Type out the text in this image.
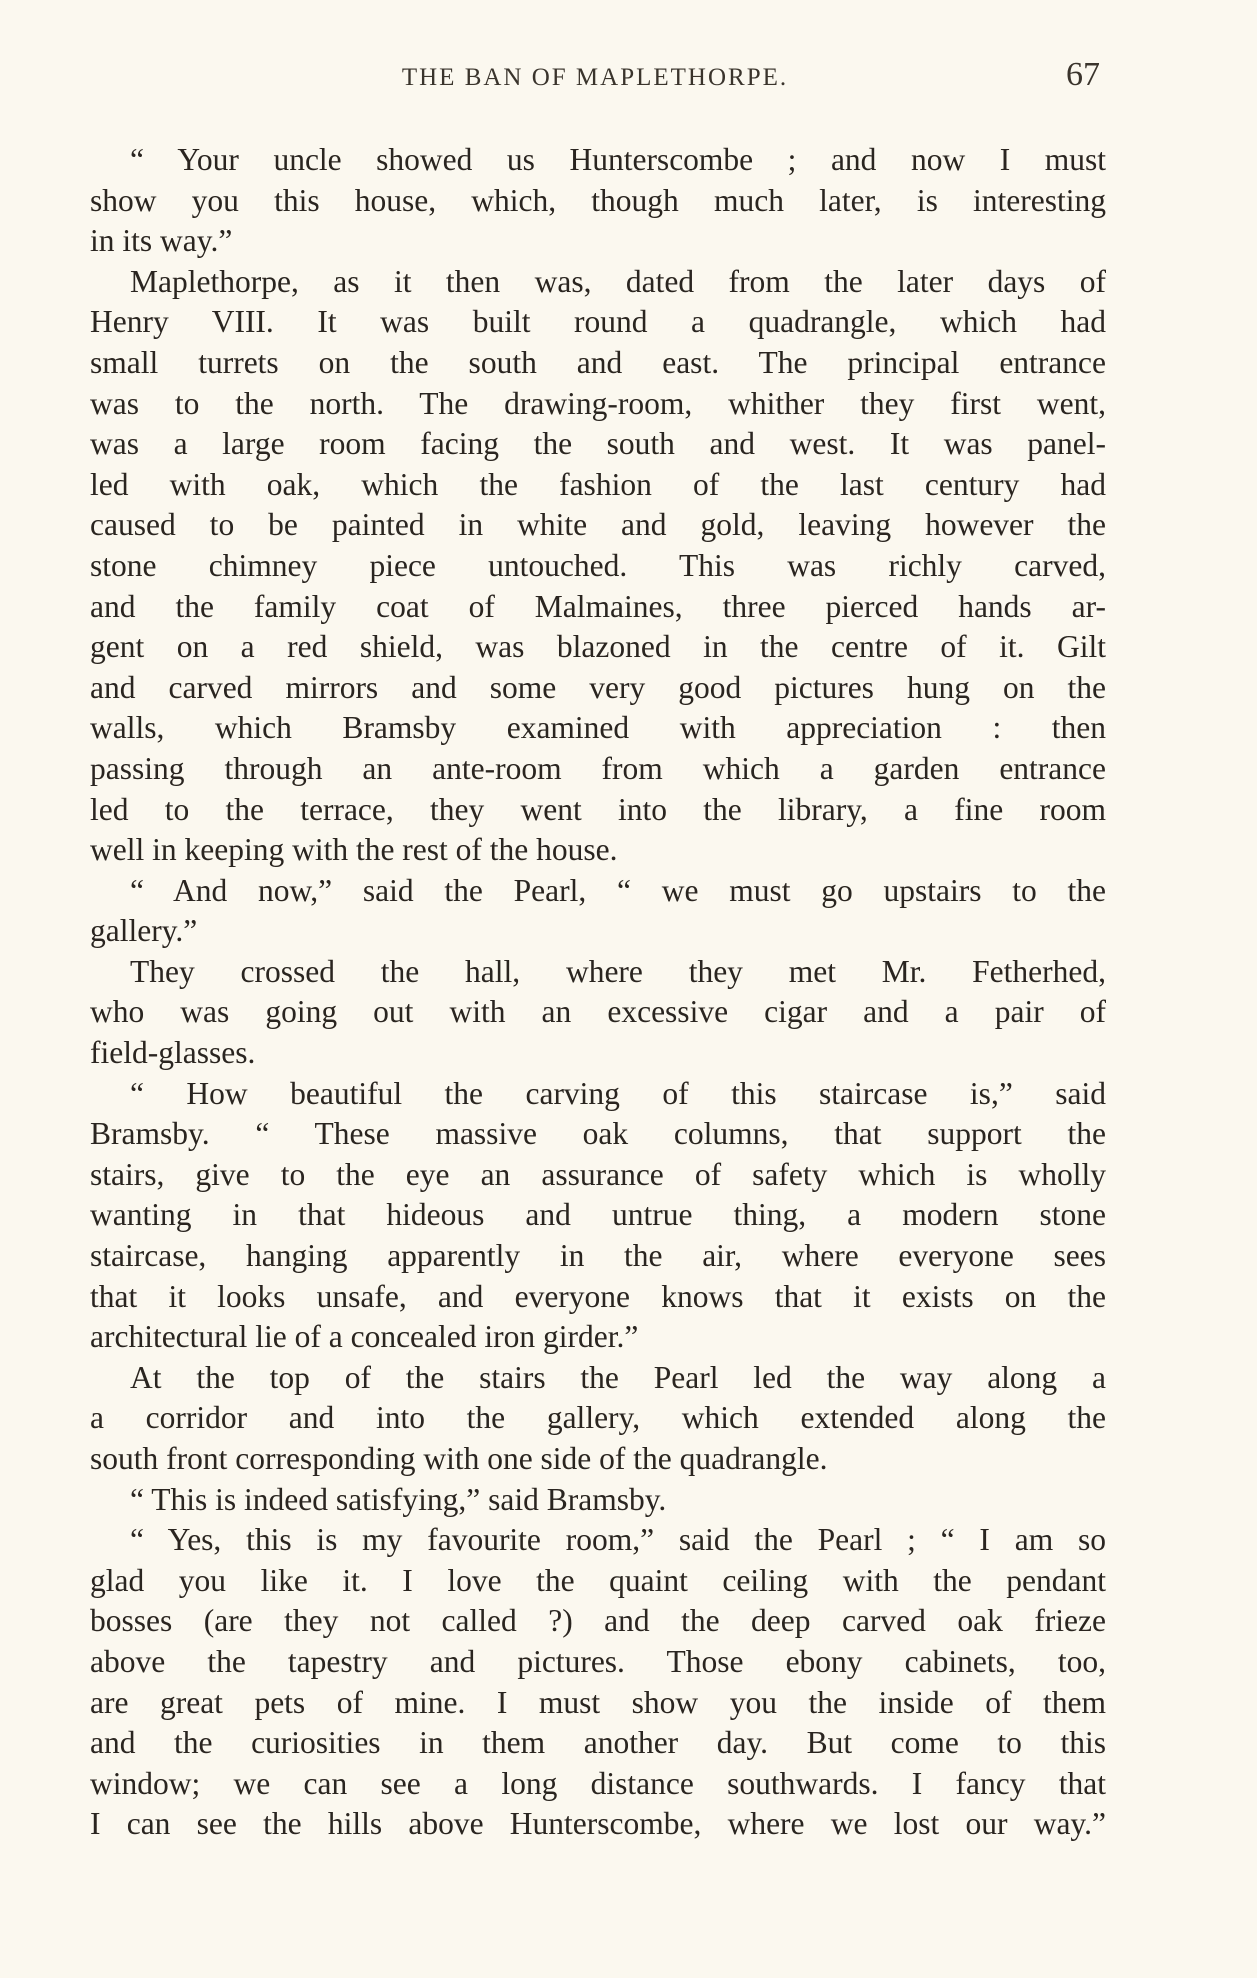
THE BAN OF MAPLETHORPE.	67
“ Your uncle showed us Hunterscombe ; and now I must
show you this house, which, though much later, is interesting
in its way.”
Maplethorpe, as it then was, dated from the later days of
Henry VIII. It was built round a quadrangle, which had
small turrets on the south and east. The principal entrance
was to the north. The drawing-room, whither they first went,
was a large room facing the south and west. It was panel-
led with oak, which the fashion of the last century had
caused to be painted in white and gold, leaving however the
stone chimney piece untouched. This was richly carved,
and the family coat of Malmaines, three pierced hands ar-
gent on a red shield, was blazoned in the centre of it. Gilt
and carved mirrors and some very good pictures hung on the
walls, which Bramsby examined with appreciation : then
passing through an ante-room from which a garden entrance
led to the terrace, they went into the library, a fine room
well in keeping with the rest of the house.
“ And now,” said the Pearl, “ we must go upstairs to the
gallery.”
They crossed the hall, where they met Mr. Fetherhed,
who was going out with an excessive cigar and a pair of
field-glasses.
“ How beautiful the carving of this staircase is,” said
Bramsby. “ These massive oak columns, that support the
stairs, give to the eye an assurance of safety which is wholly
wanting in that hideous and untrue thing, a modern stone
staircase, hanging apparently in the air, where everyone sees
that it looks unsafe, and everyone knows that it exists on the
architectural lie of a concealed iron girder.”
At the top of the stairs the Pearl led the way along a
a corridor and into the gallery, which extended along the
south front corresponding with one side of the quadrangle.
“ This is indeed satisfying,” said Bramsby.
“ Yes, this is my favourite room,” said the Pearl ; “ I am so
glad you like it. I love the quaint ceiling with the pendant
bosses (are they not called ?) and the deep carved oak frieze
above the tapestry and pictures. Those ebony cabinets, too,
are great pets of mine. I must show you the inside of them
and the curiosities in them another day. But come to this
window; we can see a long distance southwards. I fancy that
I can see the hills above Hunterscombe, where we lost our way.”
